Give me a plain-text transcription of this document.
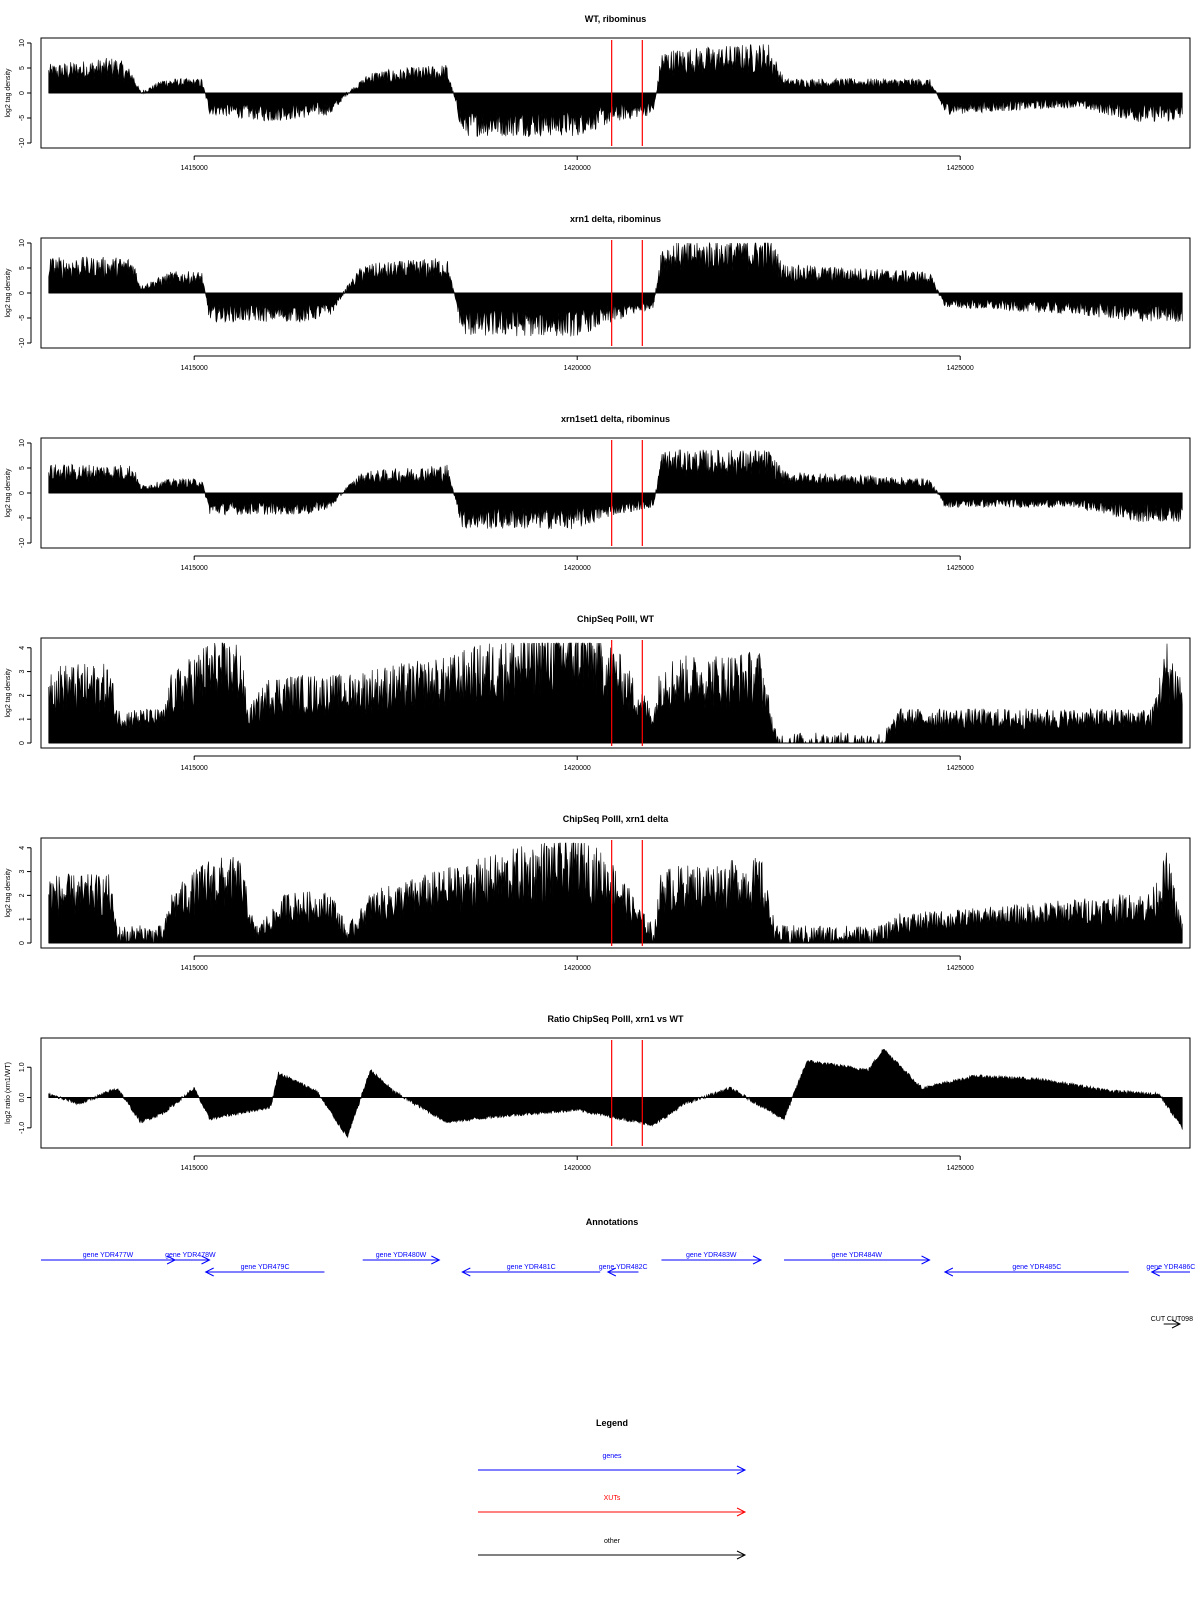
WT, ribominus
-10
-5
0
5
10
log2 tag density
1415000	1420000	1425000
xrn1 delta, ribominus
-10
-5
0
5
10
log2 tag density
1415000	1420000	1425000
xrn1set1 delta, ribominus
-10
-5
0
5
10
log2 tag density
1415000	1420000	1425000
ChipSeq PolII, WT
0
1
2
3
4
log2 tag density
1415000	1420000	1425000
ChipSeq PolII, xrn1 delta
0
1
2
3
4
log2 tag density
1415000	1420000	1425000
Ratio ChipSeq PolII, xrn1 vs WT
-1.0
0.0
1.0
log2 ratio (xrn1/WT)
1415000	1420000	1425000
Annotations
gene YDR477W	gene YDR478W
gene YDR479C
gene YDR480W
gene YDR481C	gene YDR482C
gene YDR483W	gene YDR484W
gene YDR485C	gene YDR486C
CUT CUT098
Legend
genes
XUTs
other
